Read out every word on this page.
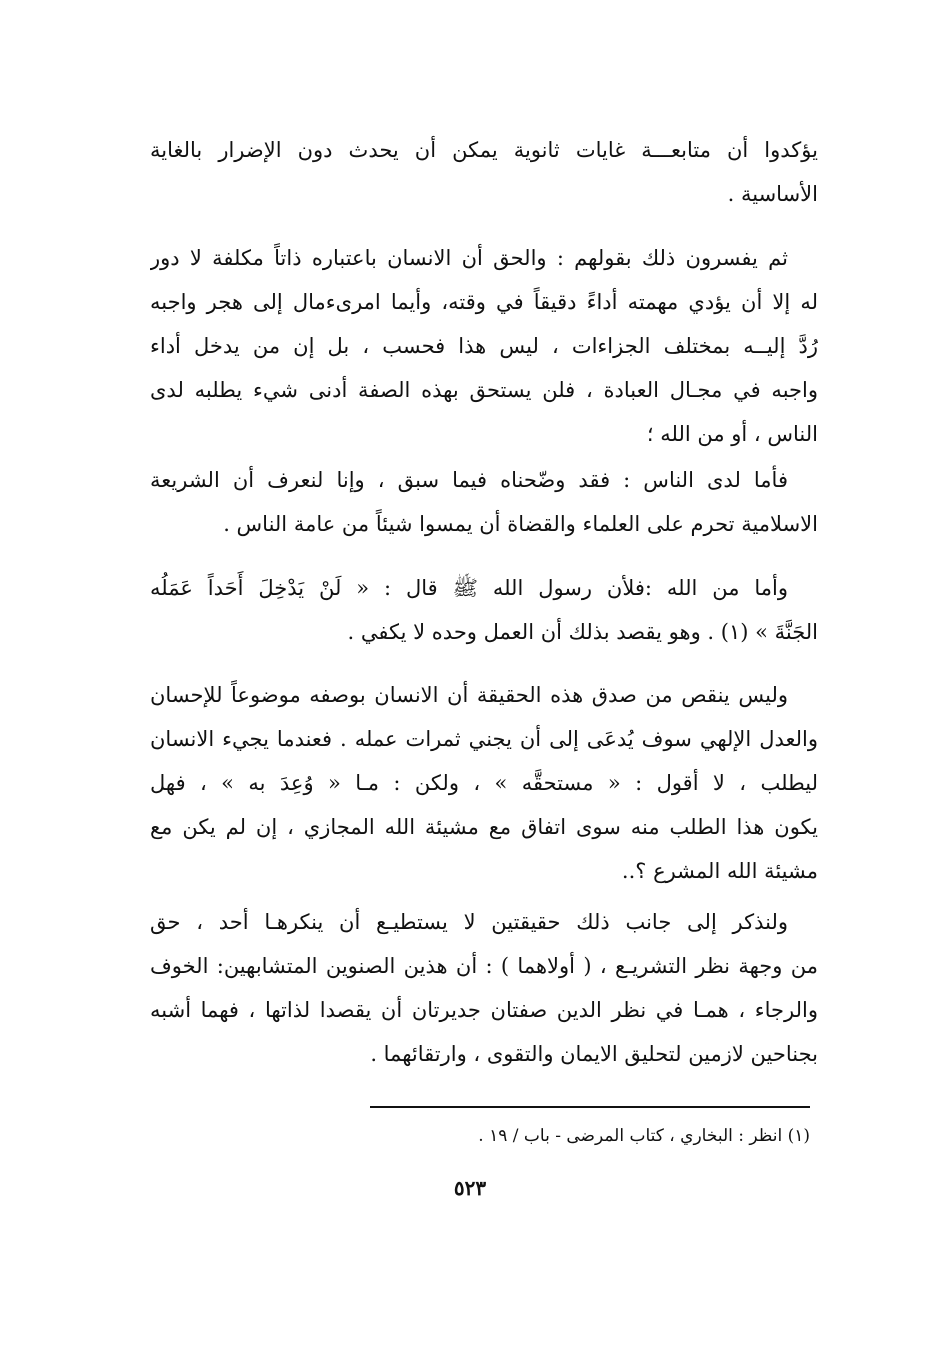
يؤكدوا أن متابعـــة غايات ثانوية يمكن أن يحدث دون الإضرار بالغاية
الأساسية .
ثم يفسرون ذلك بقولهم : والحق أن الانسان باعتباره ذاتاً مكلفة لا دور
له إلا أن يؤدي مهمته أداءً دقيقاً في وقته، وأيما امرىءمال إلى هجر واجبه
رُدَّ إليــه بمختلف الجزاءات ، ليس هذا فحسب ، بل إن من يدخل أداء
واجبه في مجـال العبادة ، فلن يستحق بهذه الصفة أدنى شيء يطلبه لدى
الناس ، أو من الله ؛
فأما لدى الناس : فقد وضّحناه فيما سبق ، وإنا لنعرف أن الشريعة
الاسلامية تحرم على العلماء والقضاة أن يمسوا شيئاً من عامة الناس .
وأما من الله :فلأن رسول الله ﷺ قال : « لَنْ يَدْخِلَ أَحَداً عَمَلُه
الجَنَّةَ » (١) . وهو يقصد بذلك أن العمل وحده لا يكفي .
وليس ينقص من صدق هذه الحقيقة أن الانسان بوصفه موضوعاً للإحسان
والعدل الإلهي سوف يُدعَى إلى أن يجني ثمرات عمله . فعندما يجيء الانسان
ليطلب ، لا أقول : « مستحقَّه » ، ولكن : مـا « وُعِدَ به » ، فهل
يكون هذا الطلب منه سوى اتفاق مع مشيئة الله المجازي ، إن لم يكن مع
مشيئة الله المشرع ؟..
ولنذكر إلى جانب ذلك حقيقتين لا يستطيـع أن ينكرهـا أحد ، حق
من وجهة نظر التشريـع ، ( أولاهما ) : أن هذين الصنوين المتشابهين: الخوف
والرجاء ، همـا في نظر الدين صفتان جديرتان أن يقصدا لذاتها ، فهما أشبه
بجناحين لازمين لتحليق الايمان والتقوى ، وارتقائهما .
(١) انظر : البخاري ، كتاب المرضى - باب / ١٩ .
٥٢٣
